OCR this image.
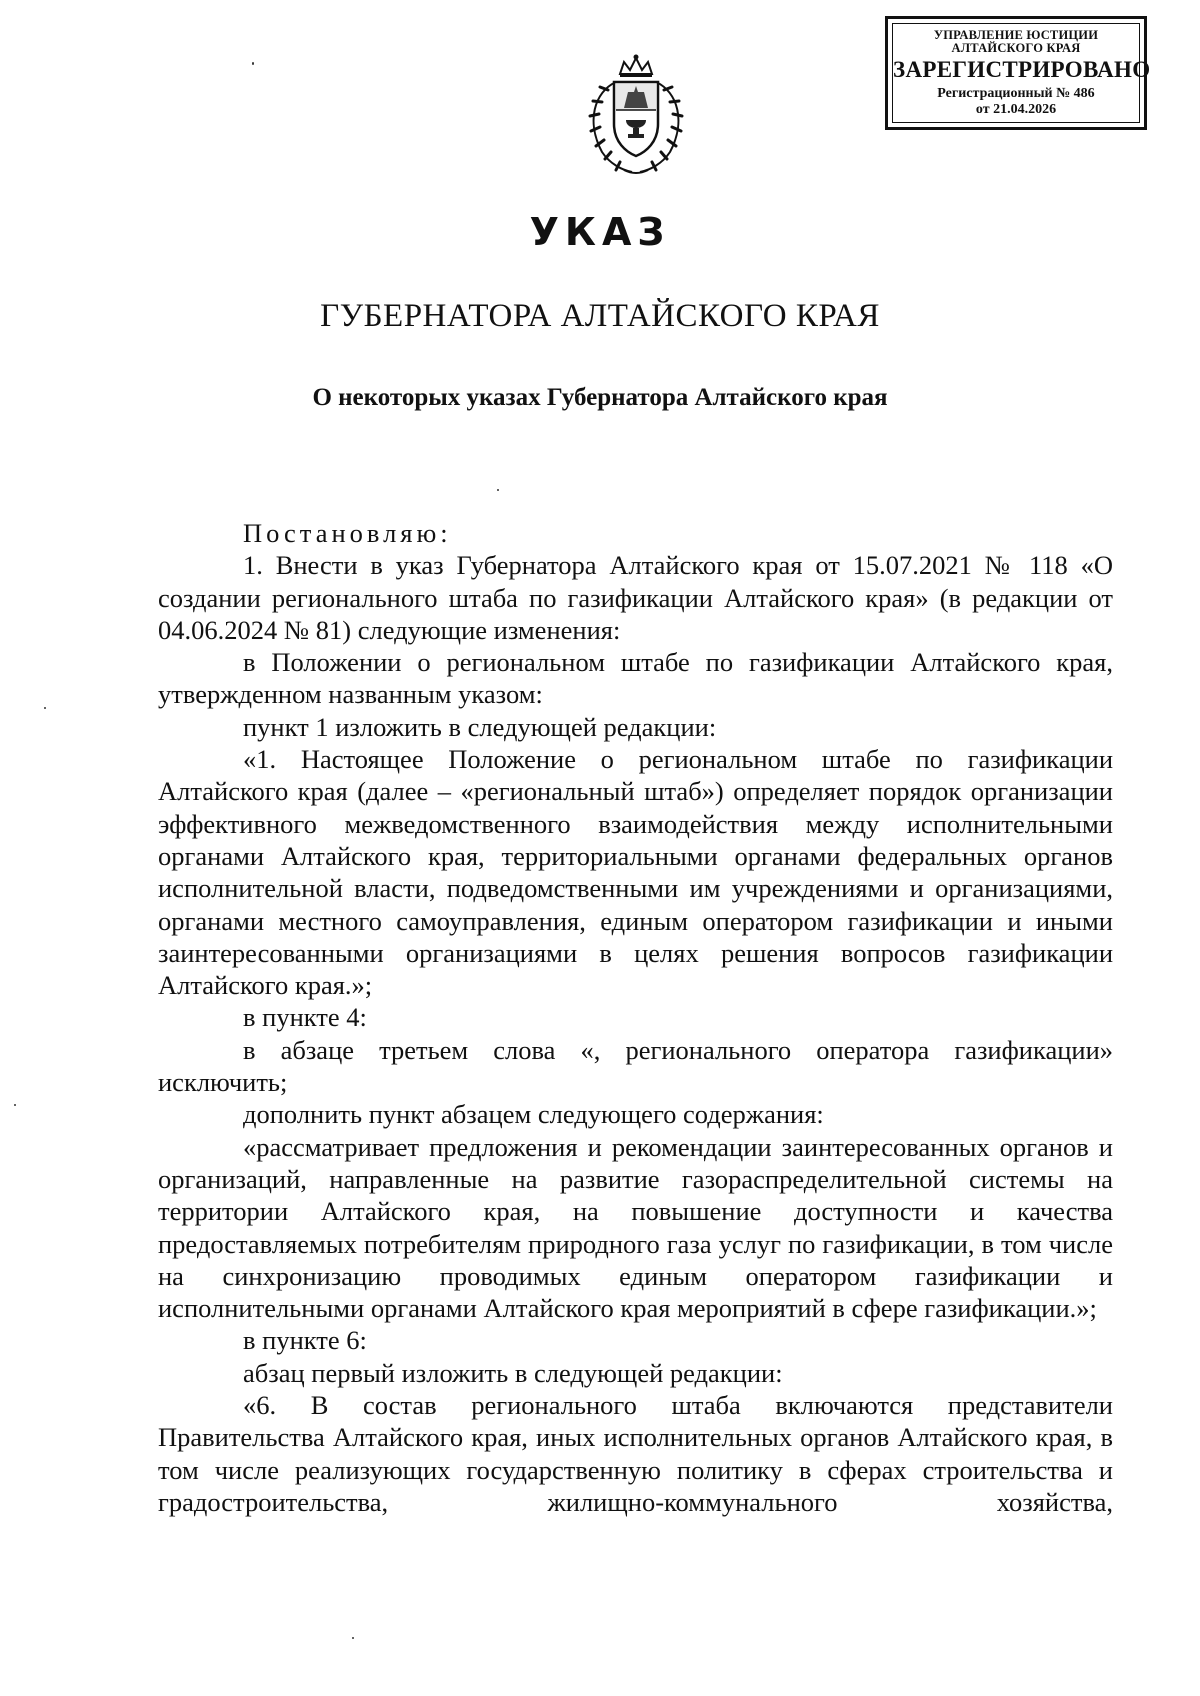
УПРАВЛЕНИЕ ЮСТИЦИИ
АЛТАЙСКОГО КРАЯ
ЗАРЕГИСТРИРОВАНО
Регистрационный № 486
от 21.04.2026
УКАЗ
ГУБЕРНАТОРА АЛТАЙСКОГО КРАЯ
О некоторых указах Губернатора Алтайского края

Постановляю:

1. Внести в указ Губернатора Алтайского края от 15.07.2021 № 118 «О создании регионального штаба по газификации Алтайского края» (в редакции от 04.06.2024 № 81) следующие изменения:

в Положении о региональном штабе по газификации Алтайского края, утвержденном названным указом:

пункт 1 изложить в следующей редакции:

«1. Настоящее Положение о региональном штабе по газификации Алтайского края (далее – «региональный штаб») определяет порядок организации эффективного межведомственного взаимодействия между исполнительными органами Алтайского края, территориальными органами федеральных органов исполнительной власти, подведомственными им учреждениями и организациями, органами местного самоуправления, единым оператором газификации и иными заинтересованными организациями в целях решения вопросов газификации Алтайского края.»;

в пункте 4:

в абзаце третьем слова «, регионального оператора газификации» исключить;

дополнить пункт абзацем следующего содержания:

«рассматривает предложения и рекомендации заинтересованных органов и организаций, направленные на развитие газораспределительной системы на территории Алтайского края, на повышение доступности и качества предоставляемых потребителям природного газа услуг по газификации, в том числе на синхронизацию проводимых единым оператором газификации и исполнительными органами Алтайского края мероприятий в сфере газификации.»;

в пункте 6:

абзац первый изложить в следующей редакции:

«6. В состав регионального штаба включаются представители Правительства Алтайского края, иных исполнительных органов Алтайского края, в том числе реализующих государственную политику в сферах строительства и градостроительства, жилищно-коммунального хозяйства,
